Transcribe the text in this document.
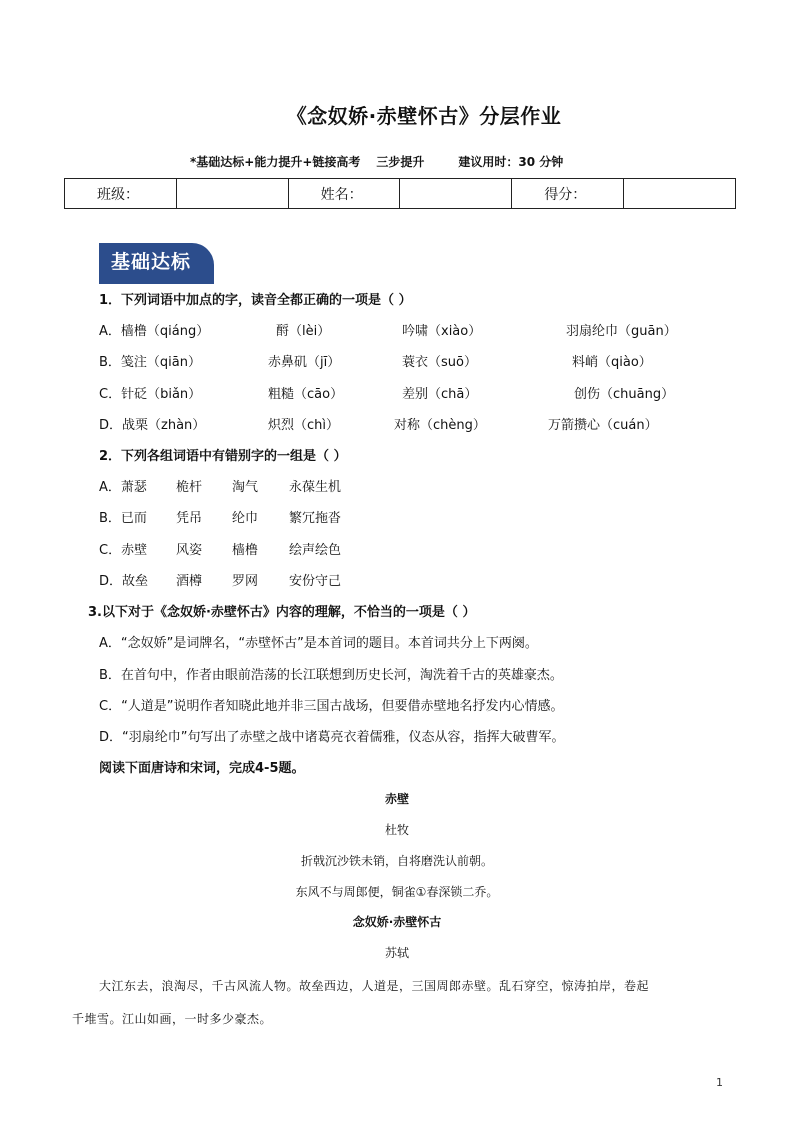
《念奴娇·赤壁怀古》分层作业
*基础达标+能力提升+链接高考 三步提升	建议用时：30 分钟
班级：		姓名：		得分：	
基础达标
1．下列词语中加点的字，读音全都正确的一项是（ ）
A．樯橹（qiáng）	酹（lèi）	吟啸（xiào）	羽扇纶巾（guān）
B．笺注（qiān）	赤鼻矶（jī）	蓑衣（suō）	料峭（qiào）
C．针砭（biǎn）	粗糙（cāo）	差别（chā）	创伤（chuāng）
D．战栗（zhàn）	炽烈（chì）	对称（chèng）	万箭攒心（cuán）
2．下列各组词语中有错别字的一组是（ ）
A．萧瑟 桅杆 淘气 永葆生机
B．已而 凭吊 纶巾 繁冗拖沓
C．赤壁 风姿 樯橹 绘声绘色
D．故垒 酒樽 罗网 安份守己
3.以下对于《念奴娇·赤壁怀古》内容的理解，不恰当的一项是（ ）
A．“念奴娇”是词牌名，“赤壁怀古”是本首词的题目。本首词共分上下两阕。
B．在首句中，作者由眼前浩荡的长江联想到历史长河，淘洗着千古的英雄豪杰。
C．“人道是”说明作者知晓此地并非三国古战场，但要借赤壁地名抒发内心情感。
D．“羽扇纶巾”句写出了赤壁之战中诸葛亮衣着儒雅，仪态从容，指挥大破曹军。
阅读下面唐诗和宋词，完成4-5题。
赤壁
杜牧
折戟沉沙铁未销，自将磨洗认前朝。
东风不与周郎便，铜雀①春深锁二乔。
念奴娇·赤壁怀古
苏轼
大江东去，浪淘尽，千古风流人物。故垒西边，人道是，三国周郎赤壁。乱石穿空，惊涛拍岸，卷起
千堆雪。江山如画，一时多少豪杰。
1
